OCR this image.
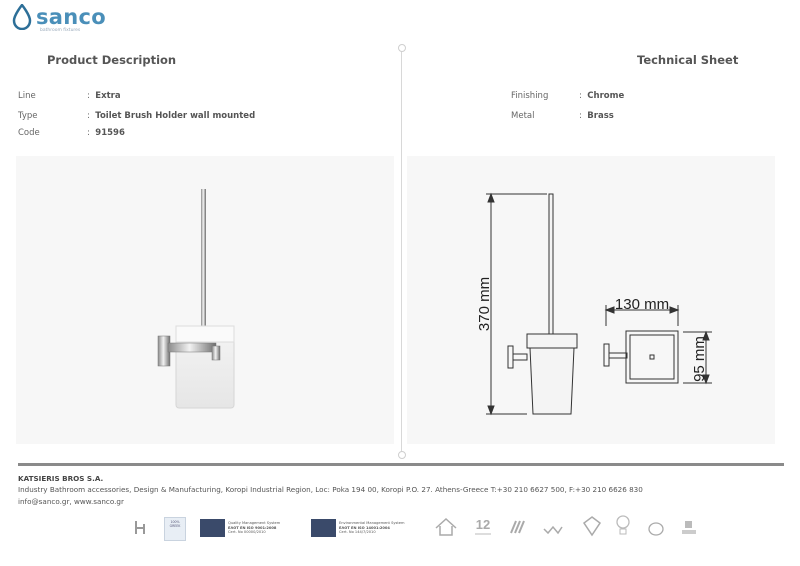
sanco
bathroom fixtures
Product Description	Technical Sheet
Line	:  Extra
Type	:  Toilet Brush Holder wall mounted
Code	:  91596
Finishing	:  Chrome
Metal	:  Brass
370 mm	130 mm
95 mm
KATSIERIS BROS S.A.
Industry Bathroom accessories, Design & Manufacturing, Koropi Industrial Region, Loc: Poka 194 00, Koropi P.O. 27. Athens-Greece T:+30 210 6627 500, F:+30 210 6626 830
info@sanco.gr, www.sanco.gr
100% GREEK
Quality Management System
ΕΛΟΤ EN ISO 9001:2008
Cert. No 00000/2010
Environmental Management System
ΕΛΟΤ EN ISO 14001:2004
Cert. No 144/7/2010
12
